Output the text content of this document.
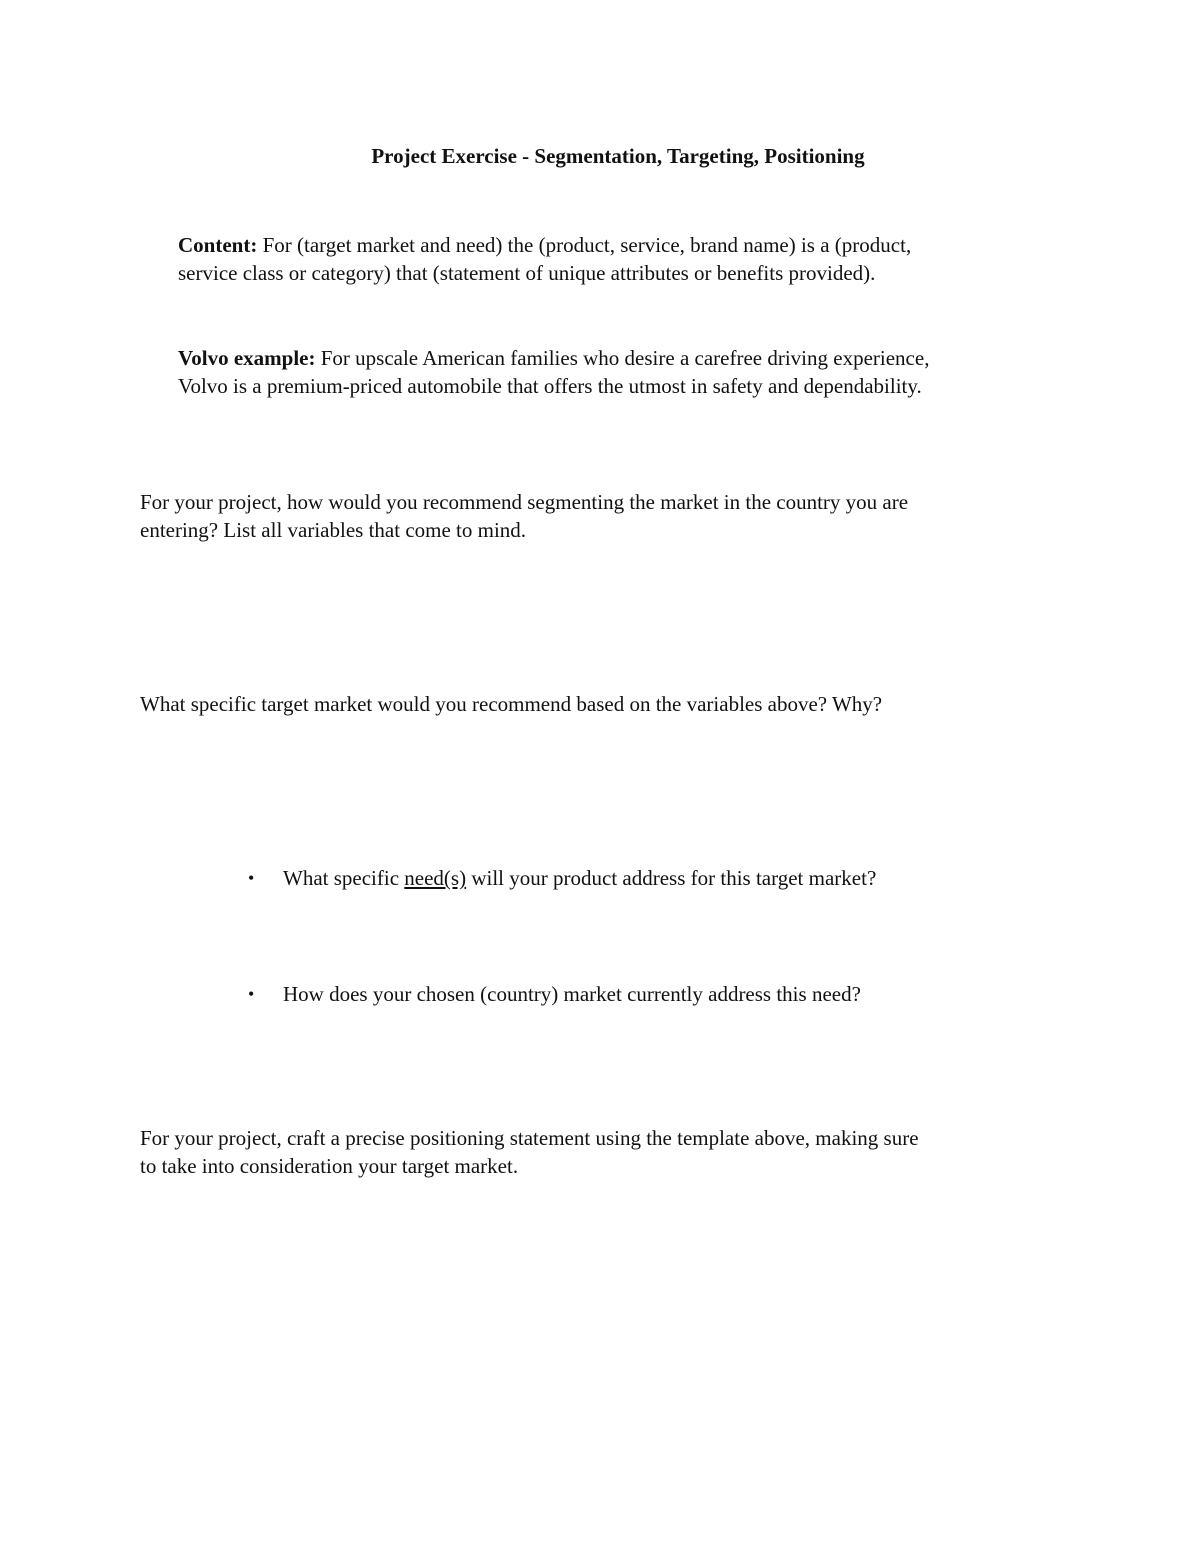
Project Exercise - Segmentation, Targeting, Positioning
Content: For (target market and need) the (product, service, brand name) is a (product,
service class or category) that (statement of unique attributes or benefits provided).
Volvo example: For upscale American families who desire a carefree driving experience,
Volvo is a premium-priced automobile that offers the utmost in safety and dependability.
For your project, how would you recommend segmenting the market in the country you are
entering? List all variables that come to mind.
What specific target market would you recommend based on the variables above? Why?
• What specific need(s) will your product address for this target market?
• How does your chosen (country) market currently address this need?
For your project, craft a precise positioning statement using the template above, making sure
to take into consideration your target market.
